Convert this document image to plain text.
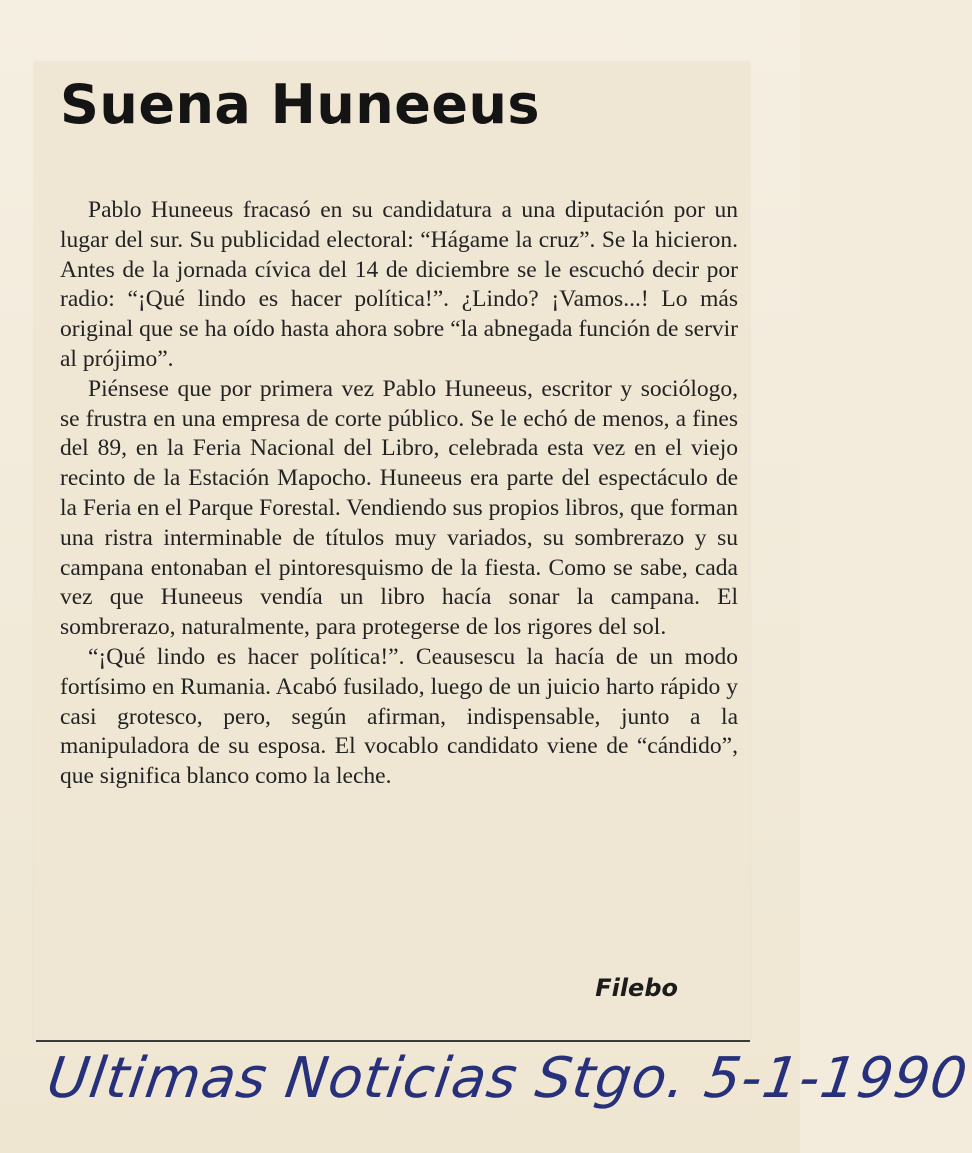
Suena Huneeus

Pablo Huneeus fracasó en su candidatura a una diputación por un lugar del sur. Su publicidad electoral: “Hágame la cruz”. Se la hicieron. Antes de la jornada cívica del 14 de diciembre se le escuchó decir por radio: “¡Qué lindo es hacer política!”. ¿Lindo? ¡Vamos...! Lo más original que se ha oído hasta ahora sobre “la abnegada función de servir al prójimo”.

Piénsese que por primera vez Pablo Huneeus, escritor y sociólogo, se frustra en una empresa de corte público. Se le echó de menos, a fines del 89, en la Feria Nacional del Libro, celebrada esta vez en el viejo recinto de la Estación Mapocho. Huneeus era parte del espectáculo de la Feria en el Parque Forestal. Vendiendo sus propios libros, que forman una ristra interminable de títulos muy variados, su sombrerazo y su campana entonaban el pintoresquismo de la fiesta. Como se sabe, cada vez que Huneeus vendía un libro hacía sonar la campana. El sombrerazo, naturalmente, para protegerse de los rigores del sol.

“¡Qué lindo es hacer política!”. Ceausescu la hacía de un modo fortísimo en Rumania. Acabó fusilado, luego de un juicio harto rápido y casi grotesco, pero, según afirman, indispensable, junto a la manipuladora de su esposa. El vocablo candidato viene de “cándido”, que significa blanco como la leche.

Filebo
Ultimas Noticias Stgo. 5-1-1990
